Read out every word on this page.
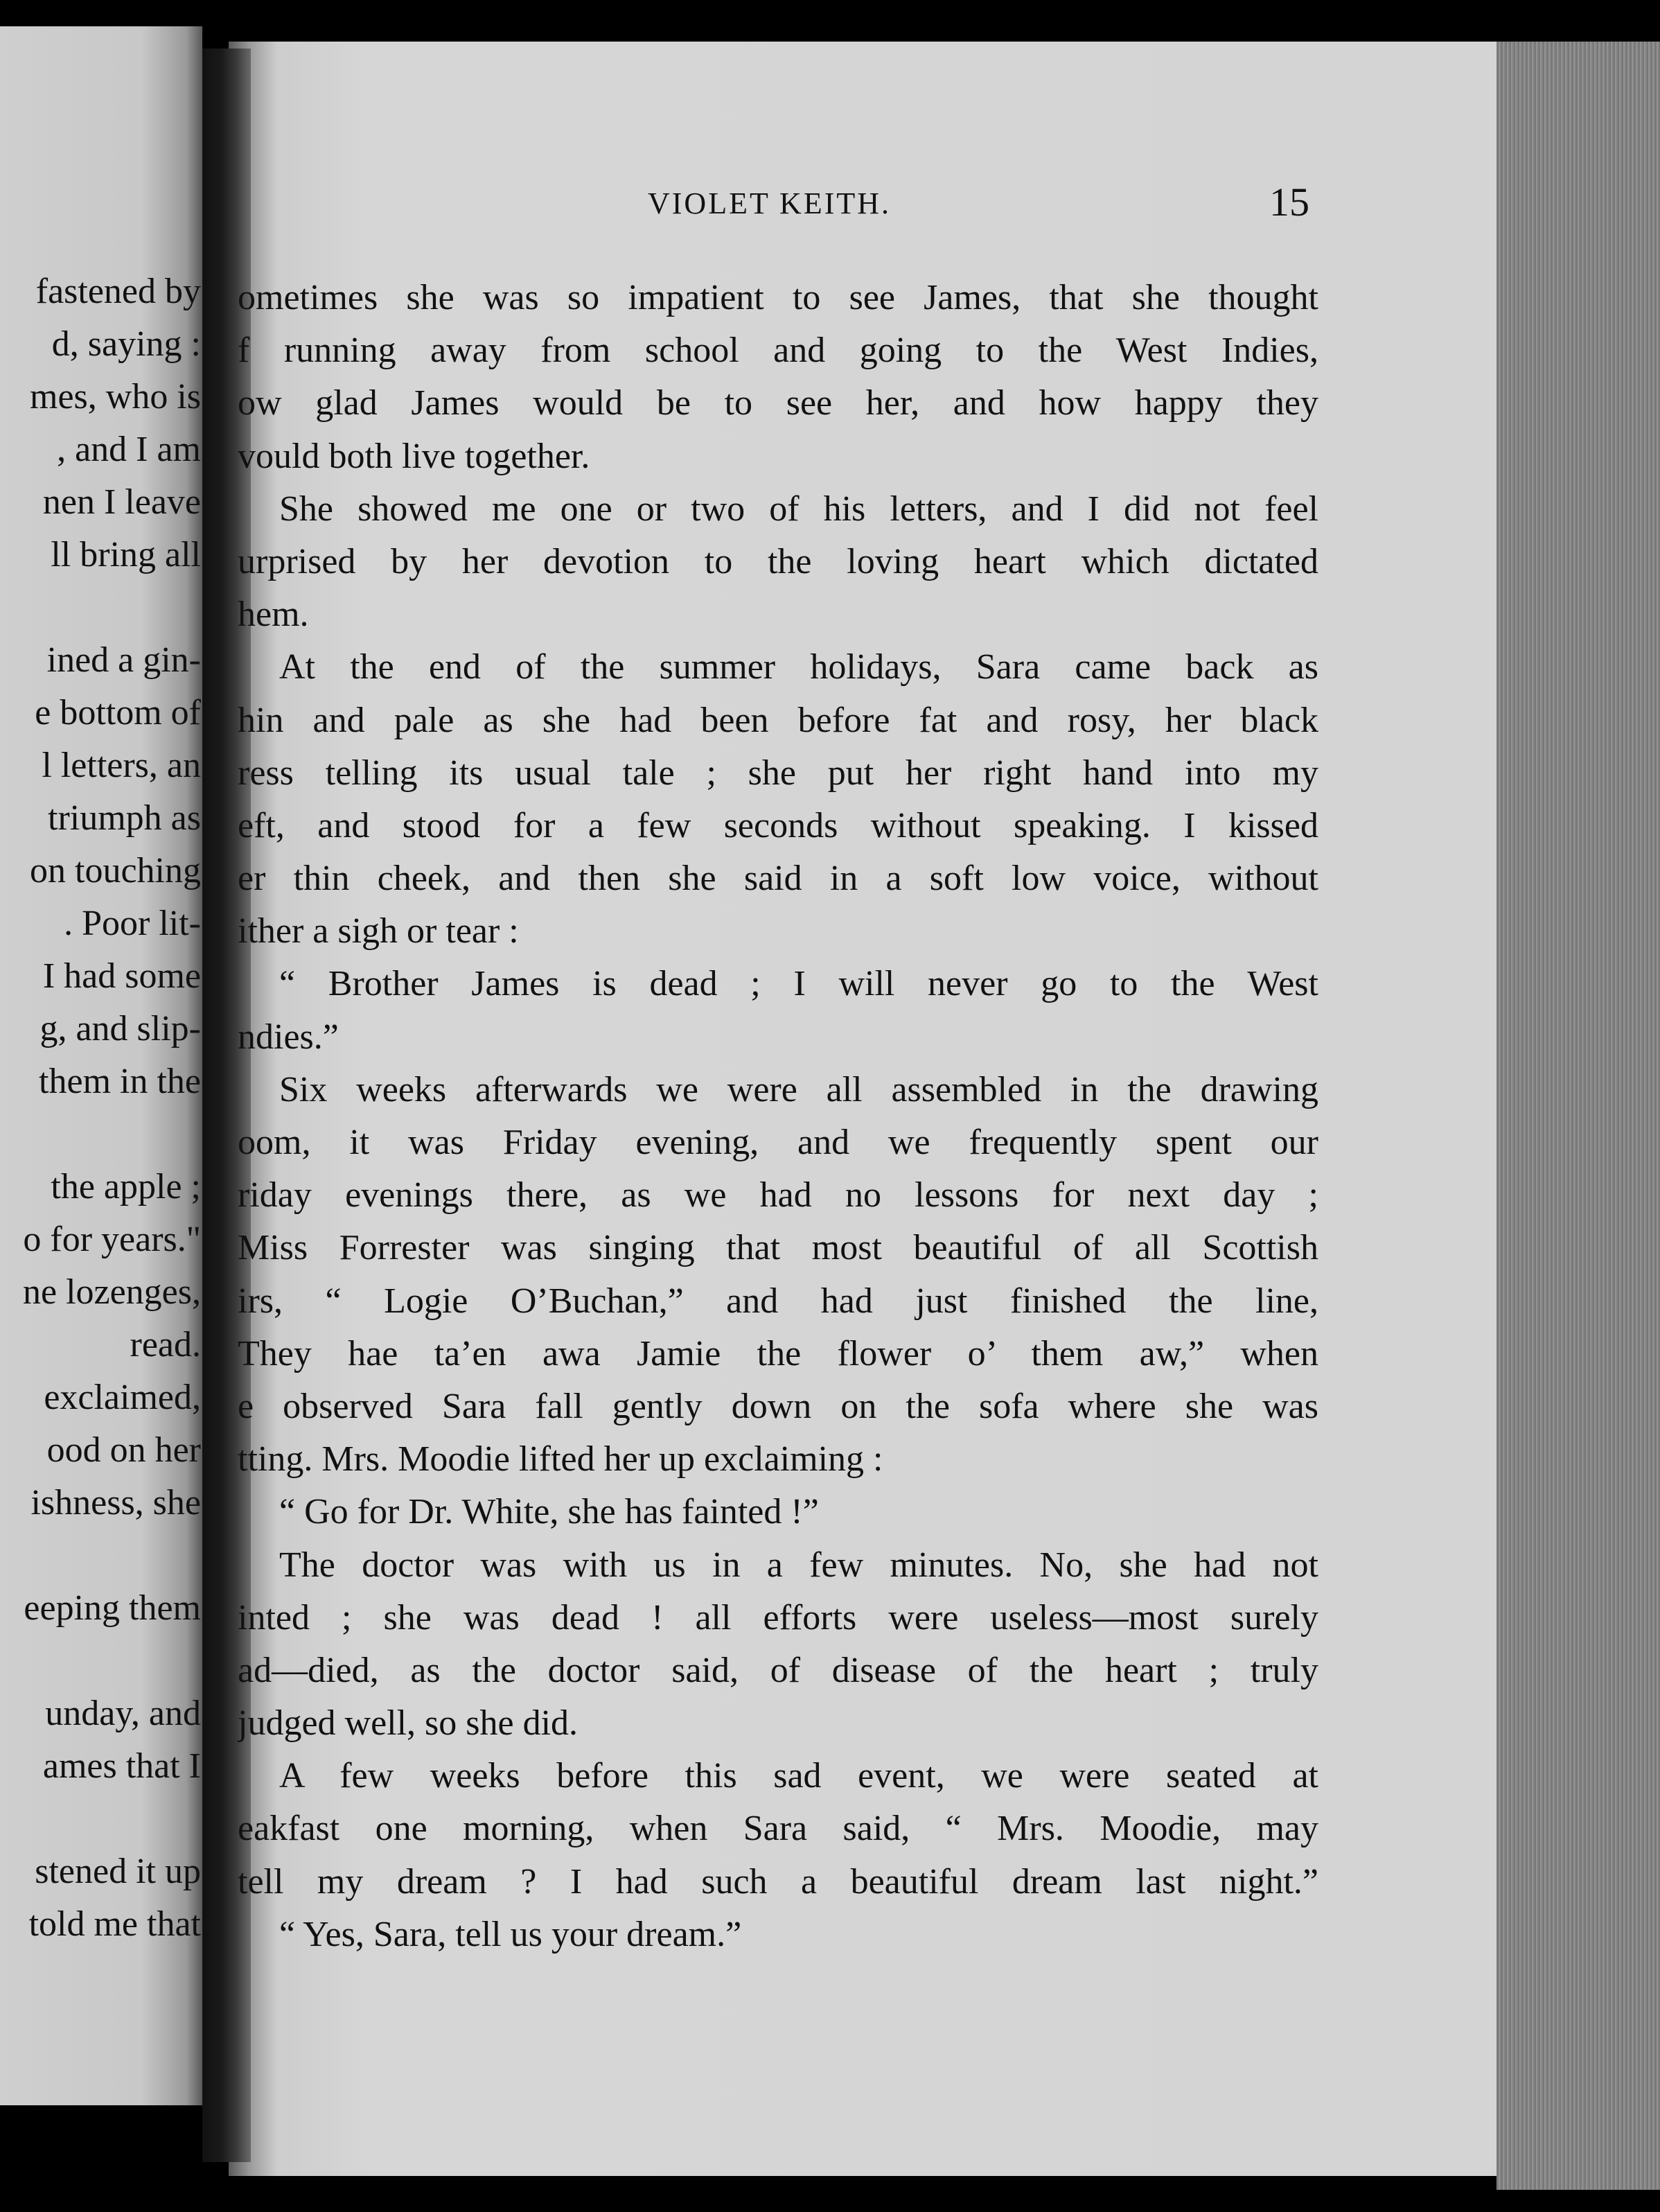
fastened by
d, saying :
mes, who is
, and I am
nen I leave
ll bring all
ined a gin-
e bottom of
l letters, an
triumph as
on touching
. Poor lit-
I had some
g, and slip-
them in the
the apple ;
o for years."
ne lozenges,
read.
exclaimed,
ood on her
ishness, she
eeping them
unday, and
ames that I
stened it up
told me that
VIOLET KEITH.	15
ometimes she was so impatient to see James, that she thought
f running away from school and going to the West Indies,
ow glad James would be to see her, and how happy they
vould both live together.
She showed me one or two of his letters, and I did not feel
urprised by her devotion to the loving heart which dictated
hem.
At the end of the summer holidays, Sara came back as
hin and pale as she had been before fat and rosy, her black
ress telling its usual tale ; she put her right hand into my
eft, and stood for a few seconds without speaking. I kissed
er thin cheek, and then she said in a soft low voice, without
ither a sigh or tear :
“ Brother James is dead ; I will never go to the West
ndies.”
Six weeks afterwards we were all assembled in the drawing
oom, it was Friday evening, and we frequently spent our
riday evenings there, as we had no lessons for next day ;
Miss Forrester was singing that most beautiful of all Scottish
irs, “ Logie O’Buchan,” and had just finished the line,
They hae ta’en awa Jamie the flower o’ them aw,” when
e observed Sara fall gently down on the sofa where she was
tting. Mrs. Moodie lifted her up exclaiming :
“ Go for Dr. White, she has fainted !”
The doctor was with us in a few minutes. No, she had not
inted ; she was dead ! all efforts were useless—most surely
ad—died, as the doctor said, of disease of the heart ; truly
judged well, so she did.
A few weeks before this sad event, we were seated at
eakfast one morning, when Sara said, “ Mrs. Moodie, may
tell my dream ? I had such a beautiful dream last night.”
“ Yes, Sara, tell us your dream.”
